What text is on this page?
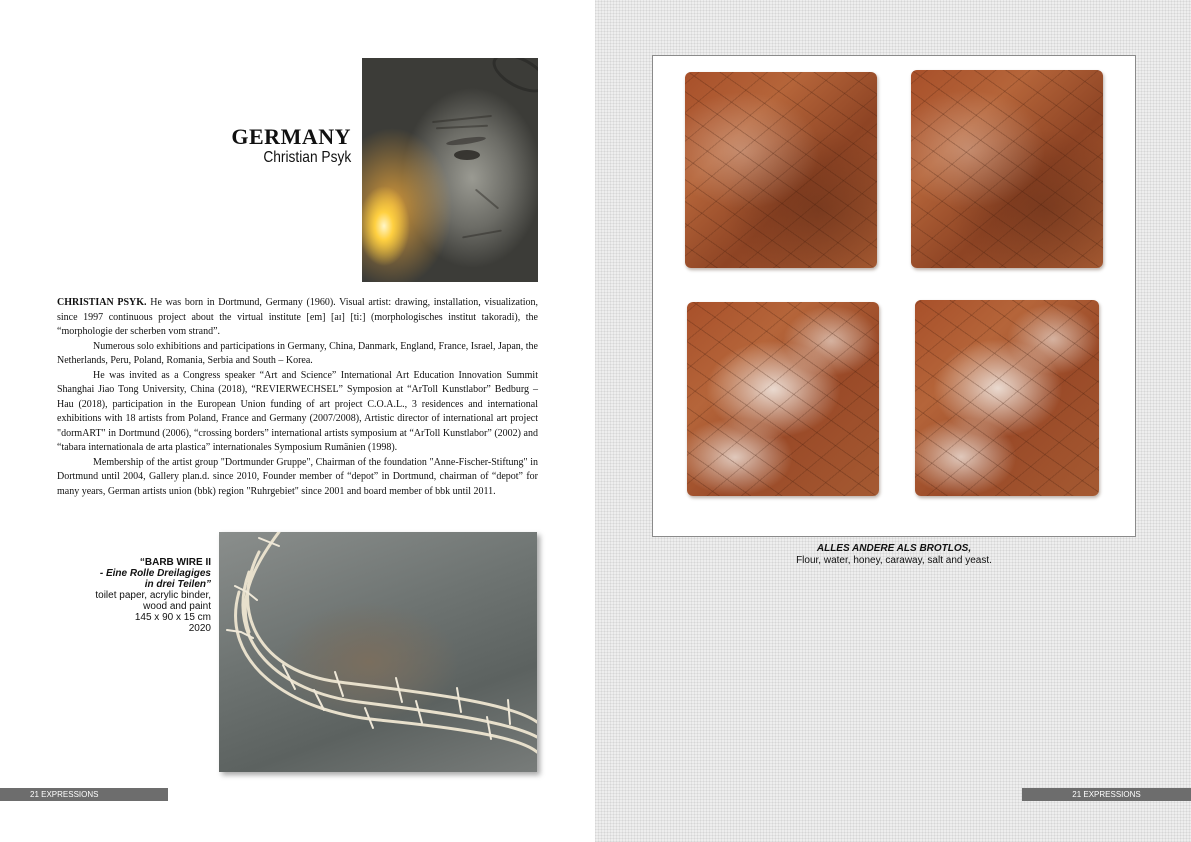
GERMANY
Christian Psyk

CHRISTIAN PSYK. He was born in Dortmund, Germany (1960). Visual artist: drawing, installation, visualization, since 1997 continuous project about the virtual institute [em] [aɪ] [ti:] (morphologisches institut takoradi), the “morphologie der scherben vom strand”.

Numerous solo exhibitions and participations in Germany, China, Danmark, England, France, Israel, Japan, the Netherlands, Peru, Poland, Romania, Serbia and South – Korea.

He was invited as a Congress speaker “Art and Science” International Art Education Innovation Summit Shanghai Jiao Tong University, China (2018), “REVIERWECHSEL” Symposion at “ArToll Kunstlabor” Bedburg – Hau (2018), participation in the European Union funding of art project C.O.A.L., 3 residences and international exhibitions with 18 artists from Poland, France and Germany (2007/2008), Artistic director of international art project "dormART" in Dortmund (2006), “crossing borders” international artists symposium at “ArToll Kunstlabor” (2002) and “tabara internationala de arta plastica” internationales Symposium Rumänien (1998).

Membership of the artist group "Dortmunder Gruppe", Chairman of the foundation "Anne-Fischer-Stiftung" in Dortmund until 2004, Gallery plan.d. since 2010, Founder member of “depot” in Dortmund, chairman of “depot” for many years, German artists union (bbk) region "Ruhrgebiet" since 2001 and board member of bbk until 2011.

“BARB WIRE II
- Eine Rolle Dreilagiges
in drei Teilen”
toilet paper, acrylic binder,
wood and paint
145 x 90 x 15 cm
2020
21 EXPRESSIONS
ALLES ANDERE ALS BROTLOS,
Flour, water, honey, caraway, salt and yeast.
21 EXPRESSIONS
